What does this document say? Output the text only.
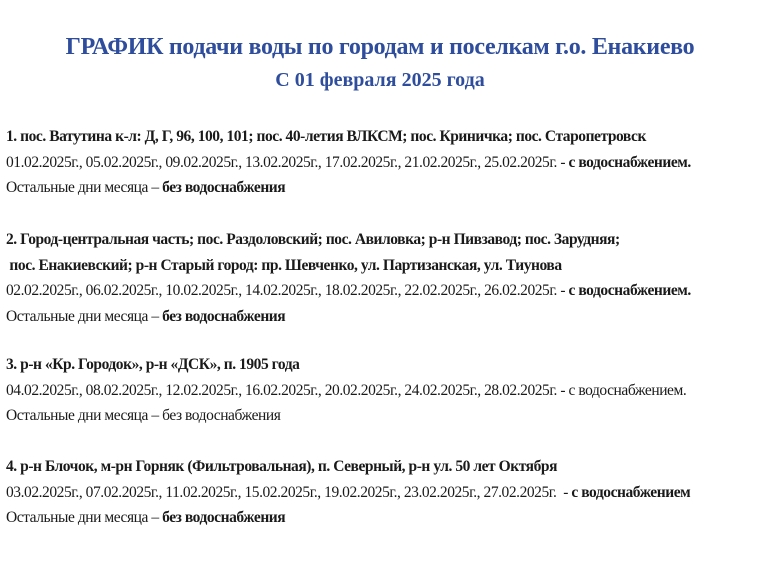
ГРАФИК подачи воды по городам и поселкам г.о. Енакиево
С 01 февраля 2025 года
1. пос. Ватутина к-л: Д, Г, 96, 100, 101; пос. 40-летия ВЛКСМ; пос. Криничка; пос. Старопетровск
01.02.2025г., 05.02.2025г., 09.02.2025г., 13.02.2025г., 17.02.2025г., 21.02.2025г., 25.02.2025г. - с водоснабжением.
Остальные дни месяца – без водоснабжения
2. Город-центральная часть; пос. Раздоловский; пос. Авиловка; р-н Пивзавод; пос. Зарудняя;
пос. Енакиевский; р-н Старый город: пр. Шевченко, ул. Партизанская, ул. Тиунова
02.02.2025г., 06.02.2025г., 10.02.2025г., 14.02.2025г., 18.02.2025г., 22.02.2025г., 26.02.2025г. - с водоснабжением.
Остальные дни месяца – без водоснабжения
3. р-н «Кр. Городок», р-н «ДСК», п. 1905 года
04.02.2025г., 08.02.2025г., 12.02.2025г., 16.02.2025г., 20.02.2025г., 24.02.2025г., 28.02.2025г. - с водоснабжением.
Остальные дни месяца – без водоснабжения
4. р-н Блочок, м-рн Горняк (Фильтровальная), п. Северный, р-н ул. 50 лет Октября
03.02.2025г., 07.02.2025г., 11.02.2025г., 15.02.2025г., 19.02.2025г., 23.02.2025г., 27.02.2025г.  - с водоснабжением
Остальные дни месяца – без водоснабжения
